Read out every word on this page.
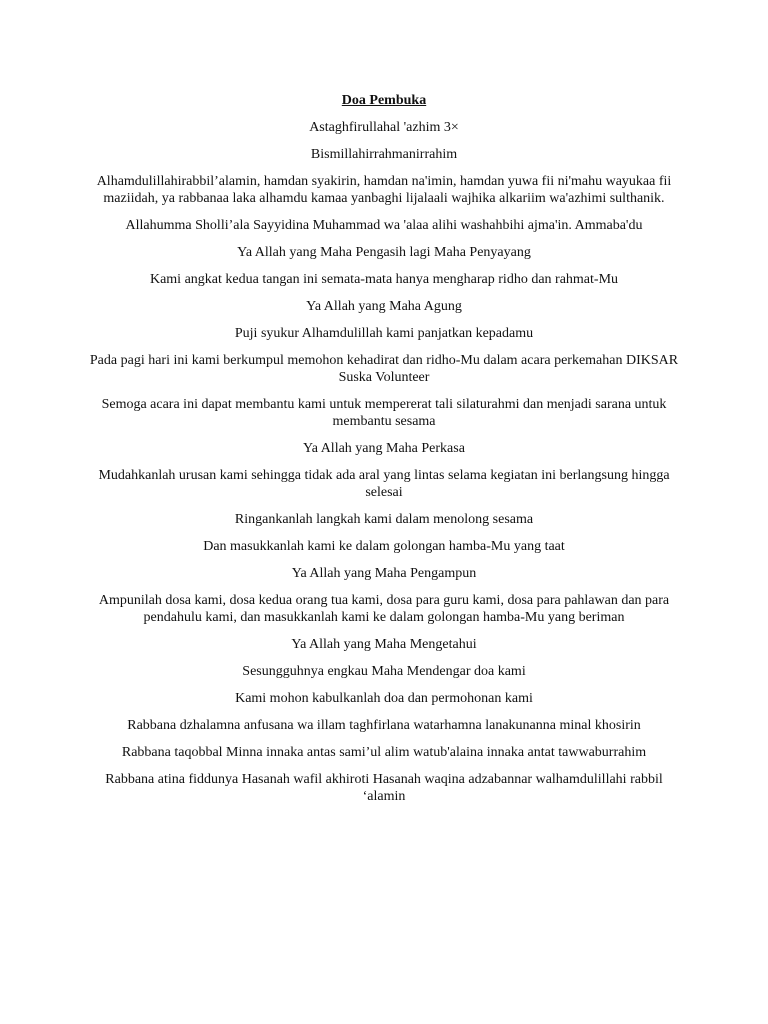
Doa Pembuka

Astaghfirullahal 'azhim 3×

Bismillahirrahmanirrahim

Alhamdulillahirabbil’alamin, hamdan syakirin, hamdan na'imin, hamdan yuwa fii ni'mahu wayukaa fii maziidah, ya rabbanaa laka alhamdu kamaa yanbaghi lijalaali wajhika alkariim wa'azhimi sulthanik.

Allahumma Sholli’ala Sayyidina Muhammad wa 'alaa alihi washahbihi ajma'in. Ammaba'du

Ya Allah yang Maha Pengasih lagi Maha Penyayang

Kami angkat kedua tangan ini semata-mata hanya mengharap ridho dan rahmat-Mu

Ya Allah yang Maha Agung

Puji syukur Alhamdulillah kami panjatkan kepadamu

Pada pagi hari ini kami berkumpul memohon kehadirat dan ridho-Mu dalam acara perkemahan DIKSAR Suska Volunteer

Semoga acara ini dapat membantu kami untuk mempererat tali silaturahmi dan menjadi sarana untuk membantu sesama

Ya Allah yang Maha Perkasa

Mudahkanlah urusan kami sehingga tidak ada aral yang lintas selama kegiatan ini berlangsung hingga selesai

Ringankanlah langkah kami dalam menolong sesama

Dan masukkanlah kami ke dalam golongan hamba-Mu yang taat

Ya Allah yang Maha Pengampun

Ampunilah dosa kami, dosa kedua orang tua kami, dosa para guru kami, dosa para pahlawan dan para pendahulu kami, dan masukkanlah kami ke dalam golongan hamba-Mu yang beriman

Ya Allah yang Maha Mengetahui

Sesungguhnya engkau Maha Mendengar doa kami

Kami mohon kabulkanlah doa dan permohonan kami

Rabbana dzhalamna anfusana wa illam taghfirlana watarhamna lanakunanna minal khosirin

Rabbana taqobbal Minna innaka antas sami’ul alim watub'alaina innaka antat tawwaburrahim

Rabbana atina fiddunya Hasanah wafil akhiroti Hasanah waqina adzabannar walhamdulillahi rabbil ‘alamin
